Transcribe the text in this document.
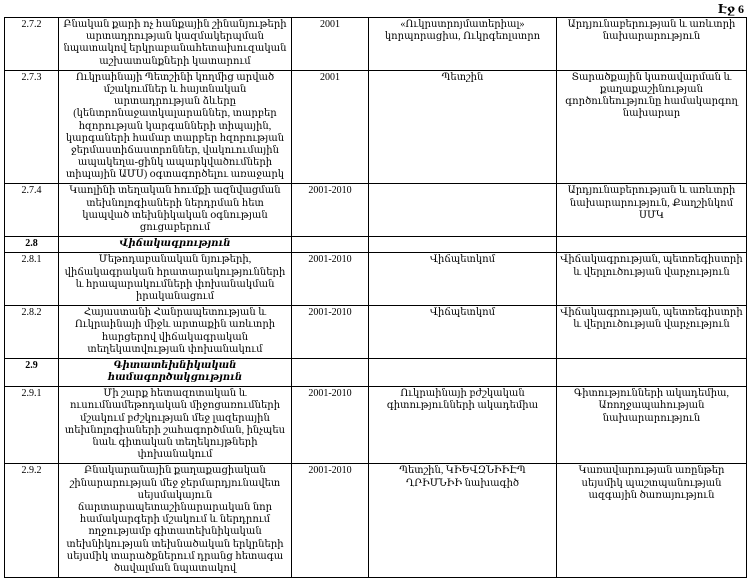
Էջ 6
2.7.2	Բնական քարի ոչ հանքային շինանյութերի արտադրության կազմակերպման նպատակով երկրաբանահետախուզական աշխատանքների կատարում	2001	«Ուկրստրոյմատերիալ» կորպորացիա, Ուկրգեոլստրո	Արդյունաբերության և առևտրի նախարարություն
2.7.3	Ուկրաինայի Պետշինի կողմից արված մշակումներ և հայտնական արտադրության ձևերը (կենտրոնաջատկալարաններ, տարբեր հզորության կարգանների տիպային, կարգաների համար տարբեր հզորության ջերմաստիճաստրոններ, վակուումային ապակեղա-ցինկ ապարկվածումների տիպային ԱՄՍ) օգտագործելու առաջարկ	2001	Պետշին	Տարածքային կառավարման և քաղաքաշինության գործունեությունը համակարգող նախարար
2.7.4	Կաոլինի տեղական հումքի ազնվացման տեխնոլոգիաների ներդրման հետ կապված տեխնիկական օգնության ցուցաբերում	2001-2010		Արդյունաբերության և առևտրի նախարարություն, Քաղշինկոմ ՍՄԿ
2.8	Վիճակագրություն			
2.8.1	Մեթոդաբանական նյութերի, վիճակագրական հրատարակությունների և հրապարակումների փոխանակման իրականացում	2001-2010	Վիճպետկոմ	Վիճակագրության, պետռեգիստրի և վերլուծության վարչություն
2.8.2	Հայաստանի Հանրապետության և Ուկրաինայի միջև արտաքին առևտրի հարցերով վիճակագրական տեղեկատվության փոխանակում	2001-2010	Վիճպետկոմ	Վիճակագրության, պետռեգիստրի և վերլուծության վարչություն
2.9	Գիտատեխնիկական համագործակցություն			
2.9.1	Մի շարք հետազոտական և ուսումնամեթոդական միջոցառումների մշակում բժշկության մեջ լազերային տեխնոլոգիաների շահագործման, ինչպես նաև գիտական տեղեկույթների փոխանակում	2001-2010	Ուկրաինայի բժշկական գիտությունների ակադեմիա	Գիտությունների ակադեմիա, Առողջապահության նախարարություն
2.9.2	Բնակարանային քաղաքացիական շինարարության մեջ ջերմարդյունավետ սեյսմակայուն ճարտարապետաշինարարական նոր համակարգերի մշակում և ներդրում ողջությամբ գիտատեխնիկական տեխնիկության տեխնածական երկրների սեյսմիկ տարածքներում դրանց հետագա ծավալման նպատակով	2001-2010	Պետշին, ԿԻԵՎԶՆԻԻԷՊ ՂՐԻՄՆԻԻ նախագիծ	Կառավարության առընթեր սեյսմիկ պաշտպանության ազգային ծառայություն
